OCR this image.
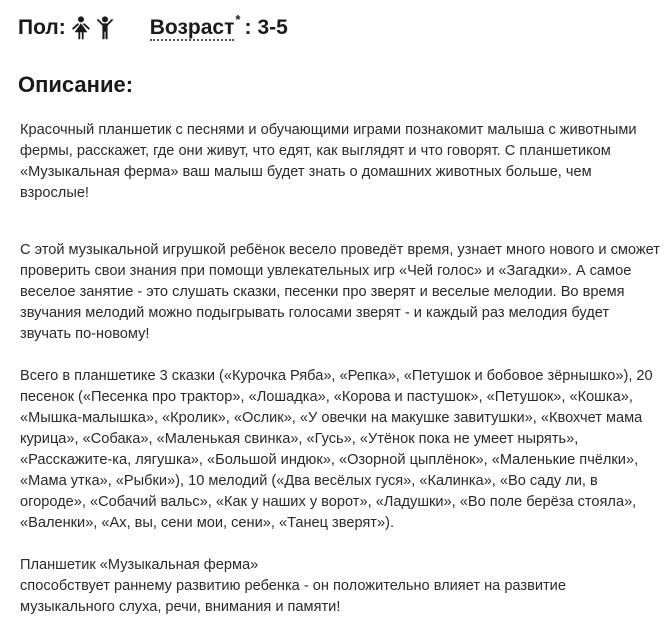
Пол:	Возраст * : 3-5
Описание:

Красочный планшетик с песнями и обучающими играми познакомит малыша с животными фермы, расскажет, где они живут, что едят, как выглядят и что говорят. С планшетиком «Музыкальная ферма» ваш малыш будет знать о домашних животных больше, чем взрослые!

С этой музыкальной игрушкой ребёнок весело проведёт время, узнает много нового и сможет проверить свои знания при помощи увлекательных игр «Чей голос» и «Загадки». А самое веселое занятие - это слушать сказки, песенки про зверят и веселые мелодии. Во время звучания мелодий можно подыгрывать голосами зверят - и каждый раз мелодия будет звучать по-новому!

Всего в планшетике 3 сказки («Курочка Ряба», «Репка», «Петушок и бобовое зёрнышко»), 20 песенок («Песенка про трактор», «Лошадка», «Корова и пастушок», «Петушок», «Кошка», «Мышка-малышка», «Кролик», «Ослик», «У овечки на макушке завитушки», «Квохчет мама курица», «Собака», «Маленькая свинка», «Гусь», «Утёнок пока не умеет нырять», «Расскажите-ка, лягушка», «Большой индюк», «Озорной цыплёнок», «Маленькие пчёлки», «Мама утка», «Рыбки»), 10 мелодий («Два весёлых гуся», «Калинка», «Во саду ли, в огороде», «Собачий вальс», «Как у наших у ворот», «Ладушки», «Во поле берёза стояла», «Валенки», «Ах, вы, сени мои, сени», «Танец зверят»).

Планшетик «Музыкальная ферма»
способствует раннему развитию ребенка - он положительно влияет на развитие музыкального слуха, речи, внимания и памяти!
